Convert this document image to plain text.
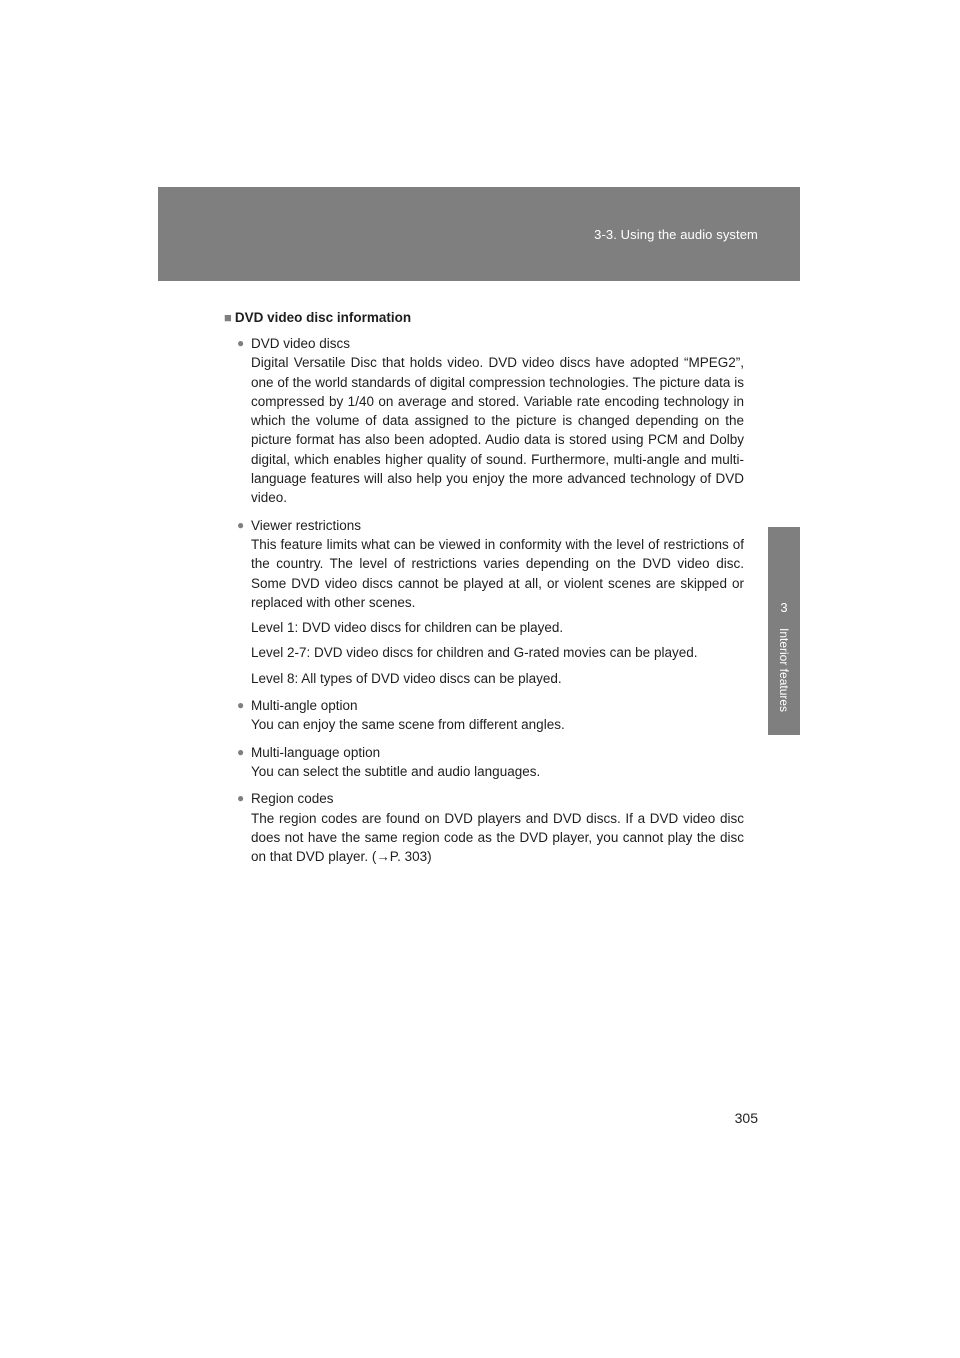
3-3. Using the audio system
3
Interior features

■ DVD video disc information

● DVD video discs

Digital Versatile Disc that holds video. DVD video discs have adopted “MPEG2”, one of the world standards of digital compression technologies. The picture data is compressed by 1/40 on average and stored. Variable rate encoding technology in which the volume of data assigned to the picture is changed depending on the picture format has also been adopted. Audio data is stored using PCM and Dolby digital, which enables higher quality of sound. Furthermore, multi-angle and multi-language features will also help you enjoy the more advanced technology of DVD video.

● Viewer restrictions

This feature limits what can be viewed in conformity with the level of restrictions of the country. The level of restrictions varies depending on the DVD video disc. Some DVD video discs cannot be played at all, or violent scenes are skipped or replaced with other scenes.

Level 1: DVD video discs for children can be played.

Level 2-7: DVD video discs for children and G-rated movies can be played.

Level 8: All types of DVD video discs can be played.

● Multi-angle option

You can enjoy the same scene from different angles.

● Multi-language option

You can select the subtitle and audio languages.

● Region codes

The region codes are found on DVD players and DVD discs. If a DVD video disc does not have the same region code as the DVD player, you cannot play the disc on that DVD player. (→P. 303)

305
